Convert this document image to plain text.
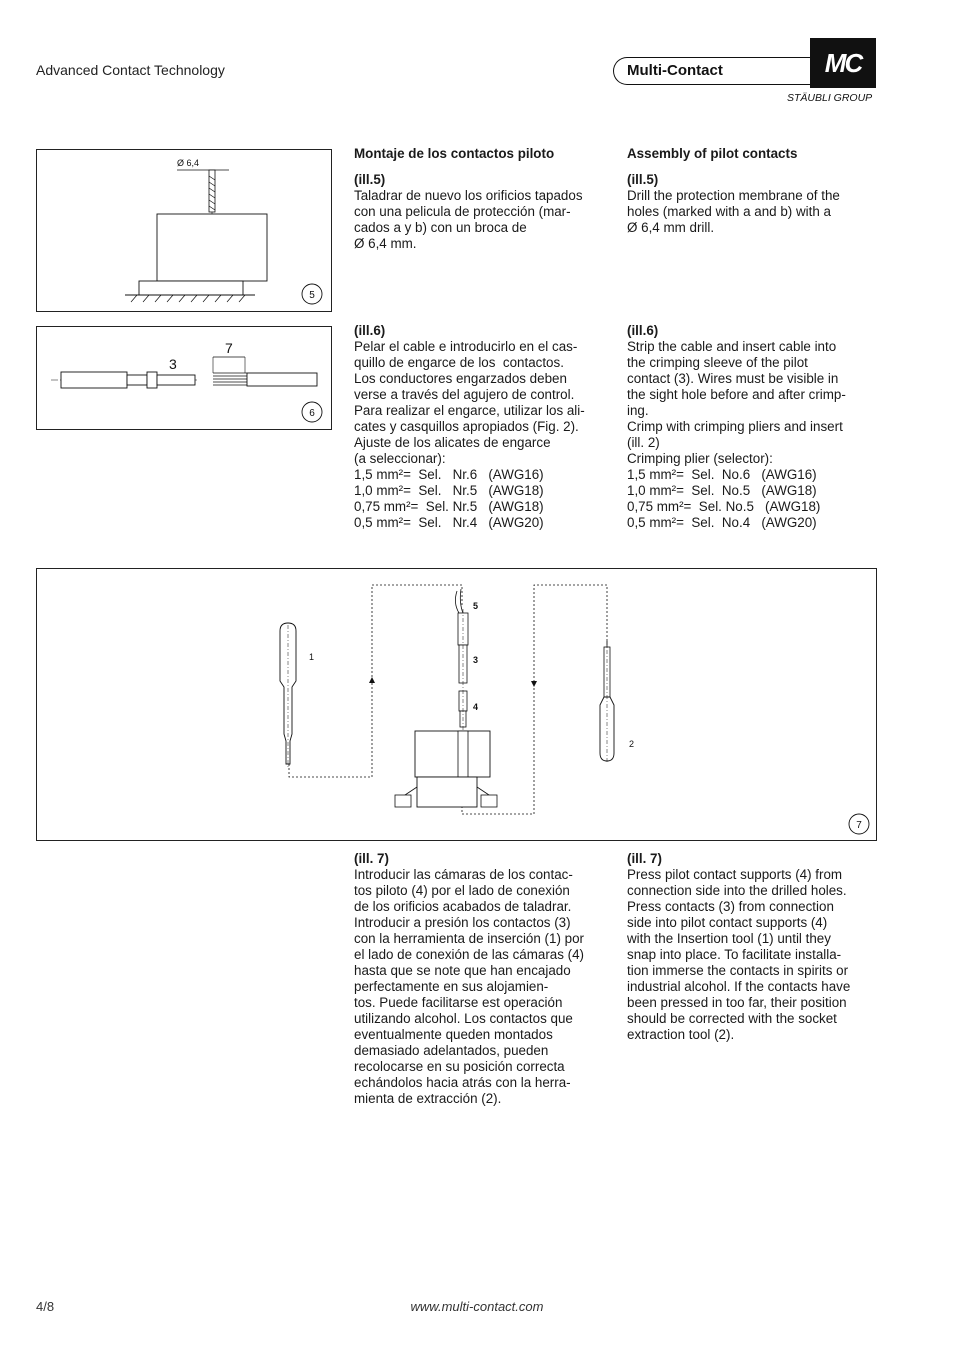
Advanced Contact Technology	Multi-Contact	MC
STÄUBLI GROUP
Ø 6,4
5
3
7
6

Montaje de los contactos piloto

(ill.5)

Taladrar de nuevo los orificios tapados
con una pelicula de protección (mar-
cados a y b) con un broca de
Ø 6,4 mm.

(ill.6)

Pelar el cable e introducirlo en el cas-
quillo de engarce de los  contactos.
Los conductores engarzados deben
verse a través del agujero de control.
Para realizar el engarce, utilizar los ali-
cates y casquillos apropiados (Fig. 2).
Ajuste de los alicates de engarce
(a seleccionar):
1,5 mm²=  Sel.   Nr.6   (AWG16)
1,0 mm²=  Sel.   Nr.5   (AWG18)
0,75 mm²=  Sel. Nr.5   (AWG18)
0,5 mm²=  Sel.   Nr.4   (AWG20)

Assembly of pilot contacts

(ill.5)

Drill the protection membrane of the
holes (marked with a and b) with a
Ø 6,4 mm drill.

(ill.6)

Strip the cable and insert cable into
the crimping sleeve of the pilot
contact (3). Wires must be visible in
the sight hole before and after crimp-
ing.
Crimp with crimping pliers and insert
(ill. 2)
Crimping plier (selector):
1,5 mm²=  Sel.  No.6   (AWG16)
1,0 mm²=  Sel.  No.5   (AWG18)
0,75 mm²=  Sel. No.5   (AWG18)
0,5 mm²=  Sel.  No.4   (AWG20)

1
5
3
4
2
7

(ill. 7)

Introducir las cámaras de los contac-
tos piloto (4) por el lado de conexión
de los orificios acabados de taladrar.
Introducir a presión los contactos (3)
con la herramienta de inserción (1) por
el lado de conexión de las cámaras (4)
hasta que se note que han encajado
perfectamente en sus alojamien-
tos. Puede facilitarse est operación
utilizando alcohol. Los contactos que
eventualmente queden montados
demasiado adelantados, pueden
recolocarse en su posición correcta
echándolos hacia atrás con la herra-
mienta de extracción (2).

(ill. 7)

Press pilot contact supports (4) from
connection side into the drilled holes.
Press contacts (3) from connection
side into pilot contact supports (4)
with the Insertion tool (1) until they
snap into place. To facilitate installa-
tion immerse the contacts in spirits or
industrial alcohol. If the contacts have
been pressed in too far, their position
should be corrected with the socket
extraction tool (2).

www.multi-contact.com
4/8
